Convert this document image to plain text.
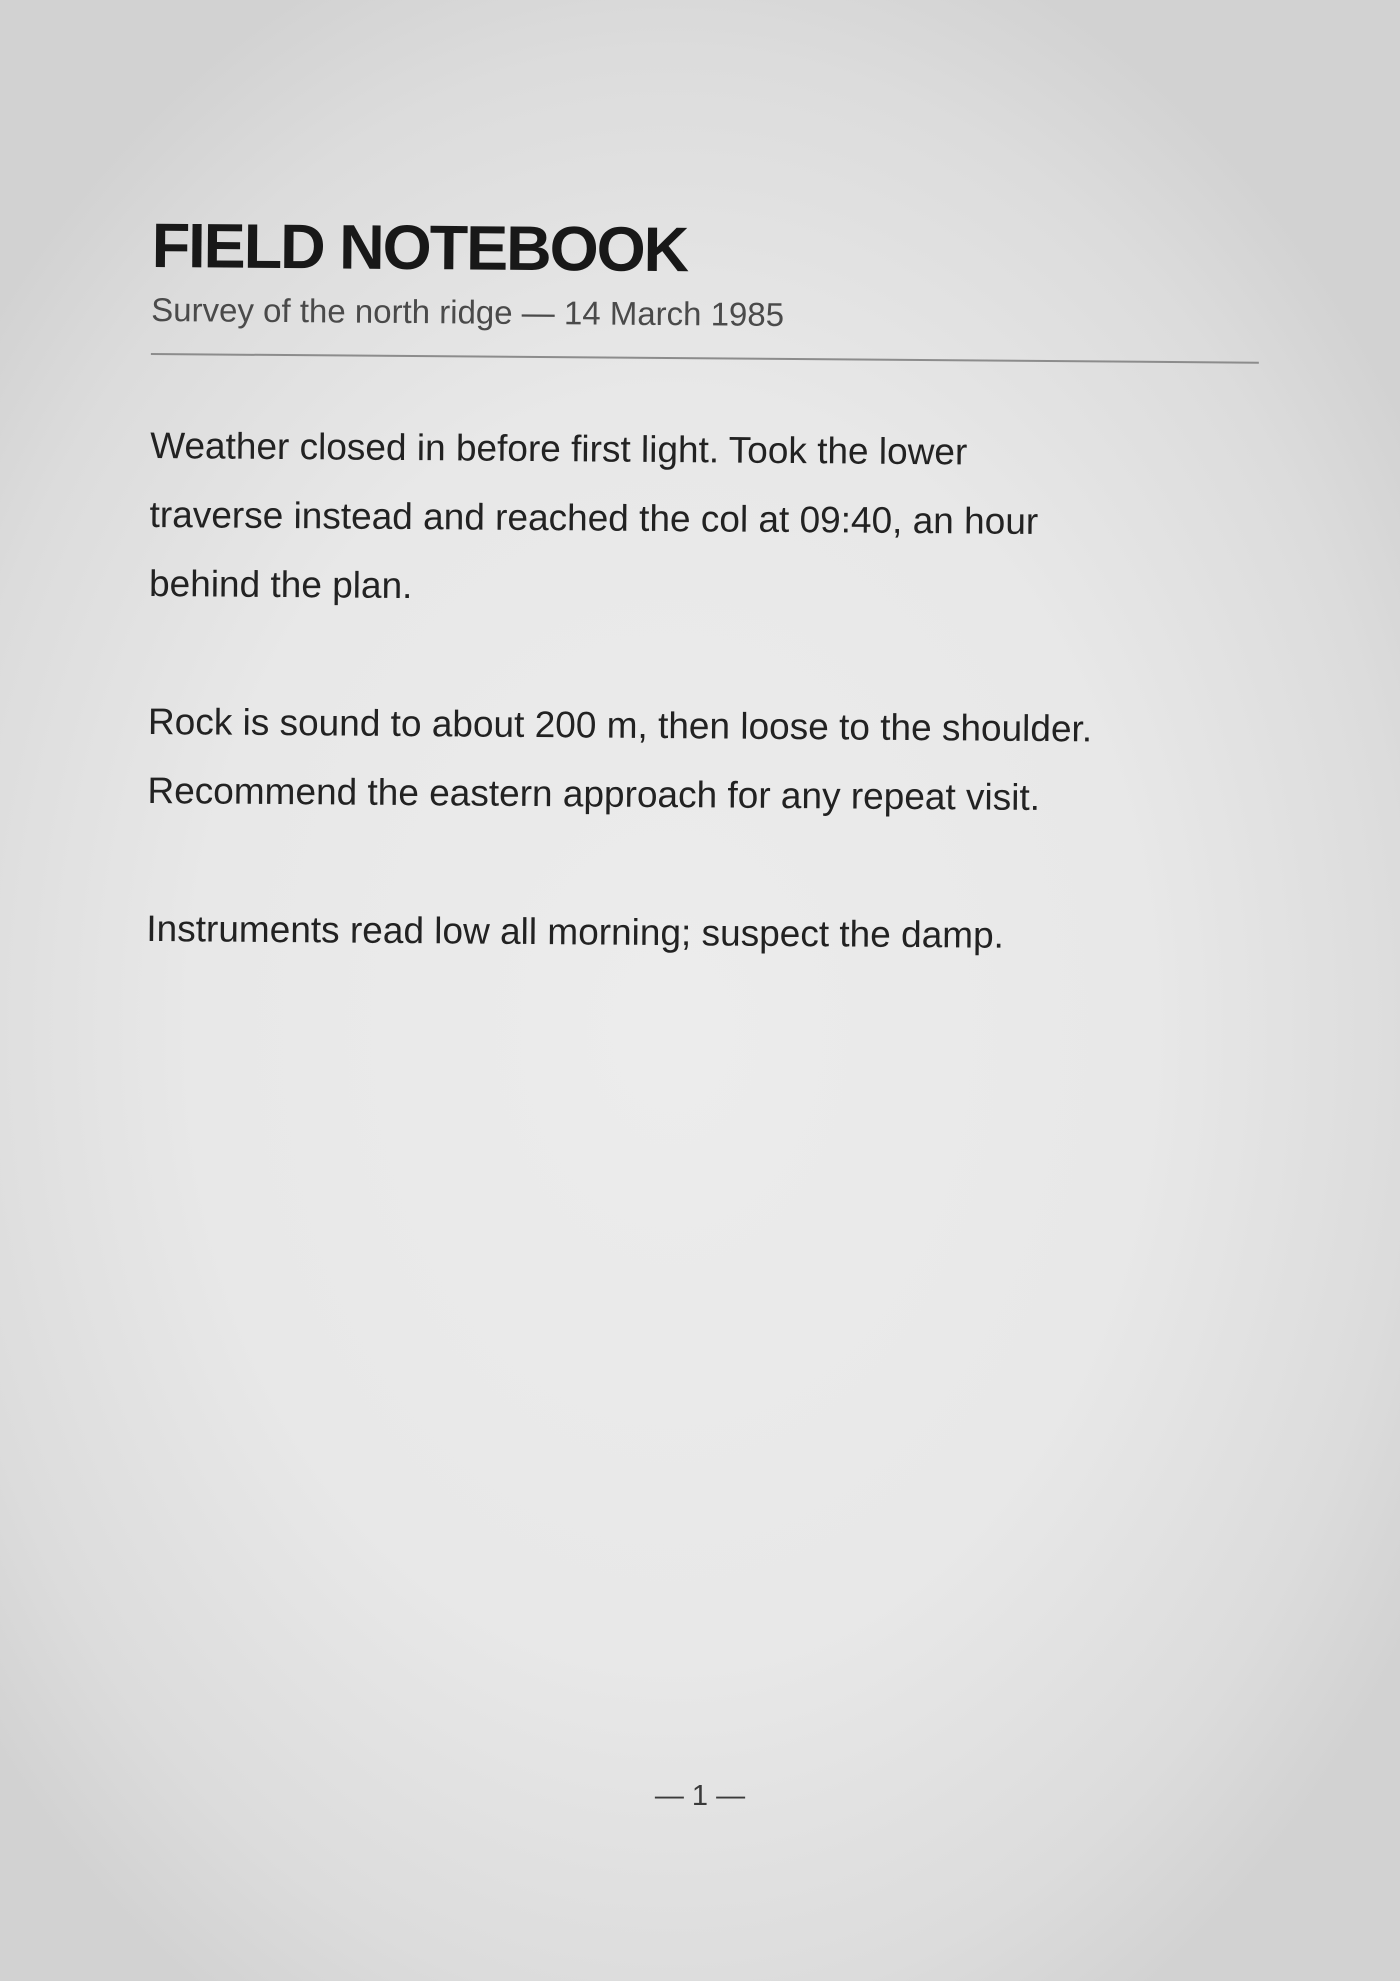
FIELD NOTEBOOK
Survey of the north ridge — 14 March 1985

Weather closed in before first light. Took the lower traverse instead and reached the col at 09:40, an hour behind the plan.

Rock is sound to about 200 m, then loose to the shoulder. Recommend the eastern approach for any repeat visit.

Instruments read low all morning; suspect the damp.

— 1 —
